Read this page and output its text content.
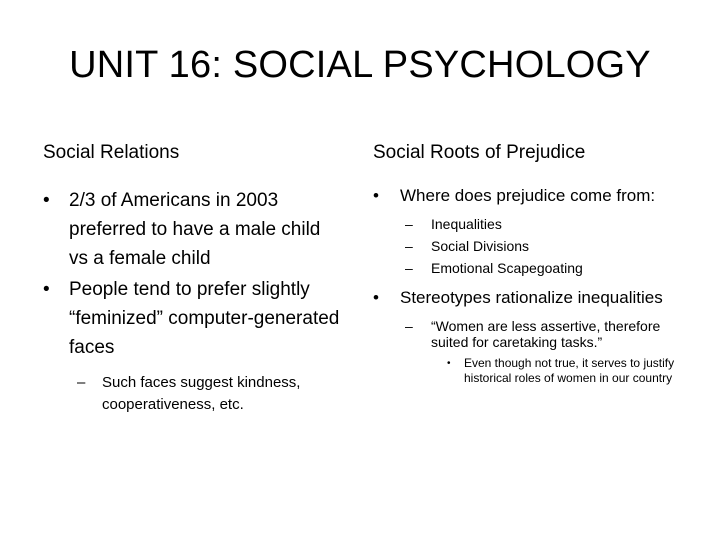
UNIT 16: SOCIAL PSYCHOLOGY
Social Relations
• 2/3 of Americans in 2003 preferred to have a male child vs a female child
• People tend to prefer slightly “feminized” computer-generated faces
– Such faces suggest kindness, cooperativeness, etc.
Social Roots of Prejudice
• Where does prejudice come from:
– Inequalities
– Social Divisions
– Emotional Scapegoating
• Stereotypes rationalize inequalities
– “Women are less assertive, therefore suited for caretaking tasks.”
• Even though not true, it serves to justify historical roles of women in our country
